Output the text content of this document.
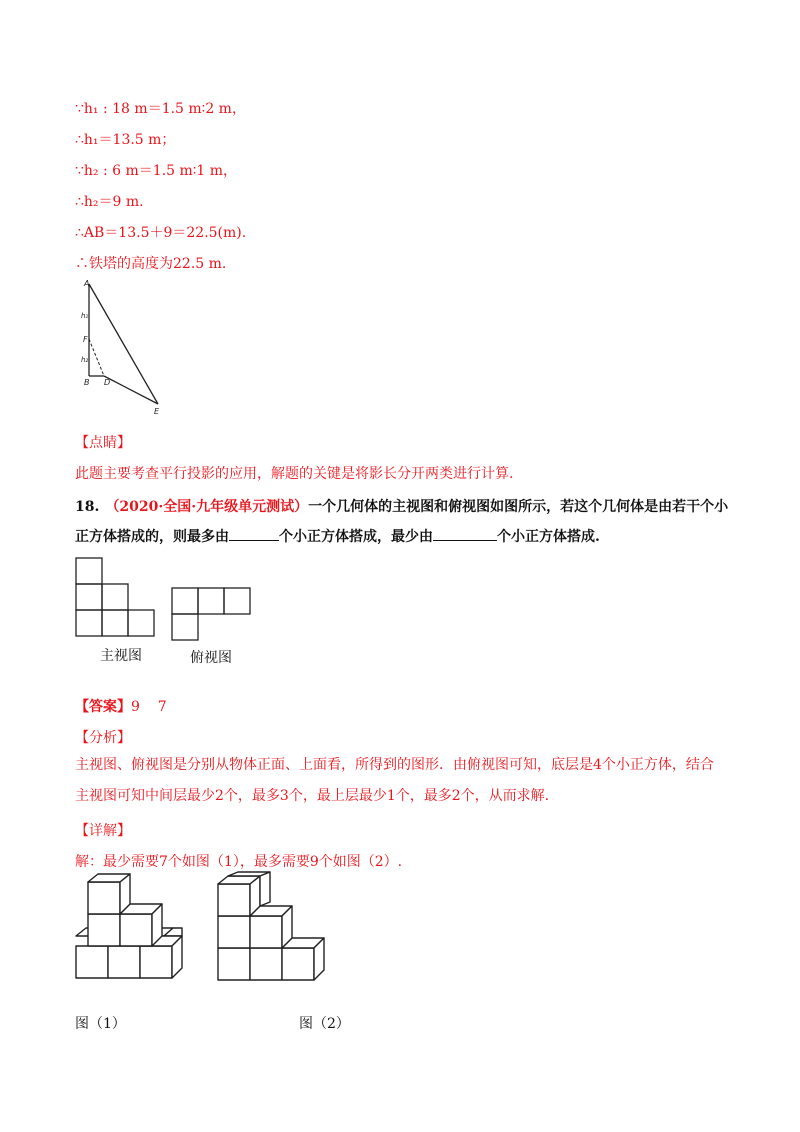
∵h₁ : 18 m＝1.5 m∶2 m，
∴h₁＝13.5 m；
∵h₂ : 6 m＝1.5 m∶1 m，
∴h₂＝9 m.
∴AB＝13.5＋9＝22.5(m).
∴铁塔的高度为22.5 m.
A
h₁
F
h₂
B D
E
【点睛】
此题主要考查平行投影的应用，解题的关键是将影长分开两类进行计算.
18. （2020·全国·九年级单元测试）一个几何体的主视图和俯视图如图所示，若这个几何体是由若干个小正方体搭成的，则最多由	个小正方体搭成，最少由	个小正方体搭成.
主视图	俯视图
【答案】9    7
【分析】
主视图、俯视图是分别从物体正面、上面看，所得到的图形．由俯视图可知，底层是4个小正方体，结合主视图可知中间层最少2个，最多3个，最上层最少1个，最多2个，从而求解.
【详解】
解：最少需要7个如图（1），最多需要9个如图（2）.
图（1）	图（2）
